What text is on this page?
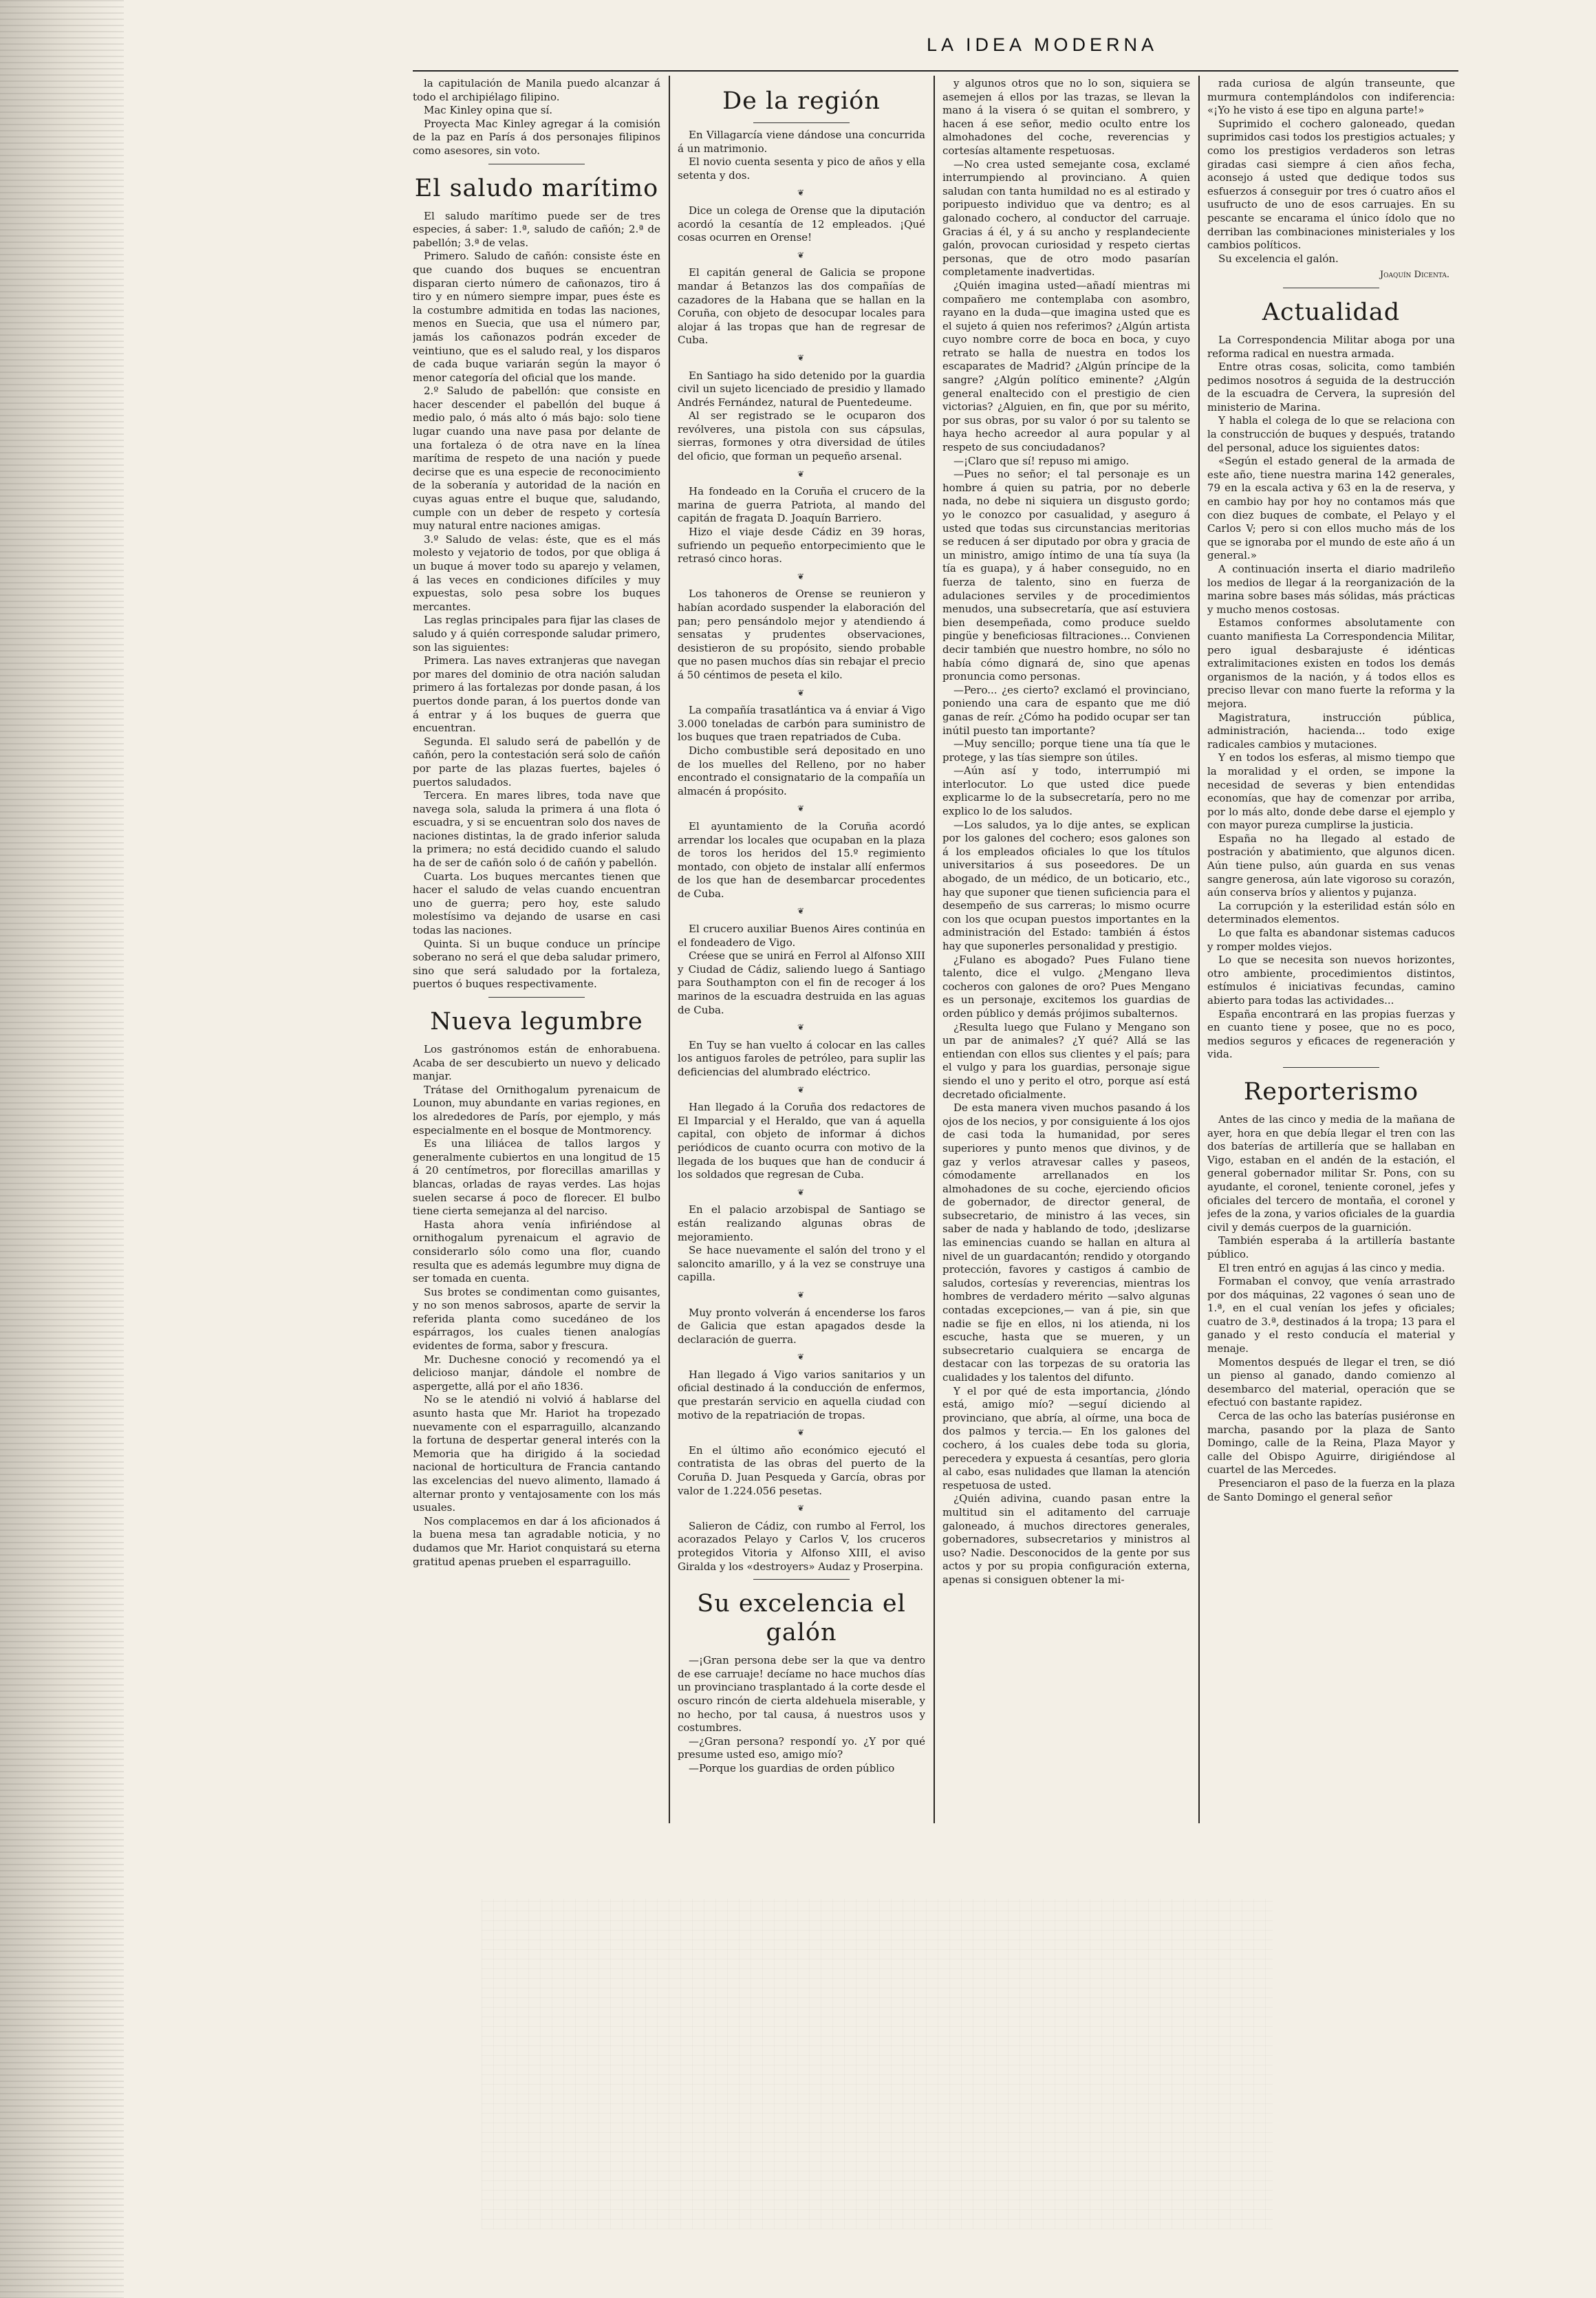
LA IDEA MODERNA

la capitulación de Manila puedo alcanzar á todo el archipiélago filipino.

Mac Kinley opina que sí.

Proyecta Mac Kinley agregar á la comisión de la paz en París á dos personajes filipinos como asesores, sin voto.

El saludo marítimo

El saludo marítimo puede ser de tres especies, á saber: 1.ª, saludo de cañón; 2.ª de pabellón; 3.ª de velas.

Primero. Saludo de cañón: consiste éste en que cuando dos buques se encuentran disparan cierto número de cañonazos, tiro á tiro y en número siempre impar, pues éste es la costumbre admitida en todas las naciones, menos en Suecia, que usa el número par, jamás los cañonazos podrán exceder de veintiuno, que es el saludo real, y los disparos de cada buque variarán según la mayor ó menor categoría del oficial que los mande.

2.º Saludo de pabellón: que consiste en hacer descender el pabellón del buque á medio palo, ó más alto ó más bajo: solo tiene lugar cuando una nave pasa por delante de una fortaleza ó de otra nave en la línea marítima de respeto de una nación y puede decirse que es una especie de reconocimiento de la soberanía y autoridad de la nación en cuyas aguas entre el buque que, saludando, cumple con un deber de respeto y cortesía muy natural entre naciones amigas.

3.º Saludo de velas: éste, que es el más molesto y vejatorio de todos, por que obliga á un buque á mover todo su aparejo y velamen, á las veces en condiciones difíciles y muy expuestas, solo pesa sobre los buques mercantes.

Las reglas principales para fijar las clases de saludo y á quién corresponde saludar primero, son las siguientes:

Primera. Las naves extranjeras que navegan por mares del dominio de otra nación saludan primero á las fortalezas por donde pasan, á los puertos donde paran, á los puertos donde van á entrar y á los buques de guerra que encuentran.

Segunda. El saludo será de pabellón y de cañón, pero la contestación será solo de cañón por parte de las plazas fuertes, bajeles ó puertos saludados.

Tercera. En mares libres, toda nave que navega sola, saluda la primera á una flota ó escuadra, y si se encuentran solo dos naves de naciones distintas, la de grado inferior saluda la primera; no está decidido cuando el saludo ha de ser de cañón solo ó de cañón y pabellón.

Cuarta. Los buques mercantes tienen que hacer el saludo de velas cuando encuentran uno de guerra; pero hoy, este saludo molestísimo va dejando de usarse en casi todas las naciones.

Quinta. Si un buque conduce un príncipe soberano no será el que deba saludar primero, sino que será saludado por la fortaleza, puertos ó buques respectivamente.

Nueva legumbre

Los gastrónomos están de enhorabuena. Acaba de ser descubierto un nuevo y delicado manjar.

Trátase del Ornithogalum pyrenaicum de Lounon, muy abundante en varias regiones, en los alrededores de París, por ejemplo, y más especialmente en el bosque de Montmorency.

Es una liliácea de tallos largos y generalmente cubiertos en una longitud de 15 á 20 centímetros, por florecillas amarillas y blancas, orladas de rayas verdes. Las hojas suelen secarse á poco de florecer. El bulbo tiene cierta semejanza al del narciso.

Hasta ahora venía infiriéndose al ornithogalum pyrenaicum el agravio de considerarlo sólo como una flor, cuando resulta que es además legumbre muy digna de ser tomada en cuenta.

Sus brotes se condimentan como guisantes, y no son menos sabrosos, aparte de servir la referida planta como sucedáneo de los espárragos, los cuales tienen analogías evidentes de forma, sabor y frescura.

Mr. Duchesne conoció y recomendó ya el delicioso manjar, dándole el nombre de aspergette, allá por el año 1836.

No se le atendió ni volvió á hablarse del asunto hasta que Mr. Hariot ha tropezado nuevamente con el esparraguillo, alcanzando la fortuna de despertar general interés con la Memoria que ha dirigido á la sociedad nacional de horticultura de Francia cantando las excelencias del nuevo alimento, llamado á alternar pronto y ventajosamente con los más usuales.

Nos complacemos en dar á los aficionados á la buena mesa tan agradable noticia, y no dudamos que Mr. Hariot conquistará su eterna gratitud apenas prueben el esparraguillo.

De la región

En Villagarcía viene dándose una concurrida á un matrimonio.

El novio cuenta sesenta y pico de años y ella setenta y dos.

❦

Dice un colega de Orense que la diputación acordó la cesantía de 12 empleados. ¡Qué cosas ocurren en Orense!

❦

El capitán general de Galicia se propone mandar á Betanzos las dos compañías de cazadores de la Habana que se hallan en la Coruña, con objeto de desocupar locales para alojar á las tropas que han de regresar de Cuba.

❦

En Santiago ha sido detenido por la guardia civil un sujeto licenciado de presidio y llamado Andrés Fernández, natural de Puentedeume.

Al ser registrado se le ocuparon dos revólveres, una pistola con sus cápsulas, sierras, formones y otra diversidad de útiles del oficio, que forman un pequeño arsenal.

❦

Ha fondeado en la Coruña el crucero de la marina de guerra Patriota, al mando del capitán de fragata D. Joaquín Barriero.

Hizo el viaje desde Cádiz en 39 horas, sufriendo un pequeño entorpecimiento que le retrasó cinco horas.

❦

Los tahoneros de Orense se reunieron y habían acordado suspender la elaboración del pan; pero pensándolo mejor y atendiendo á sensatas y prudentes observaciones, desistieron de su propósito, siendo probable que no pasen muchos días sin rebajar el precio á 50 céntimos de peseta el kilo.

❦

La compañía trasatlántica va á enviar á Vigo 3.000 toneladas de carbón para suministro de los buques que traen repatriados de Cuba.

Dicho combustible será depositado en uno de los muelles del Relleno, por no haber encontrado el consignatario de la compañía un almacén á propósito.

❦

El ayuntamiento de la Coruña acordó arrendar los locales que ocupaban en la plaza de toros los heridos del 15.º regimiento montado, con objeto de instalar allí enfermos de los que han de desembarcar procedentes de Cuba.

❦

El crucero auxiliar Buenos Aires continúa en el fondeadero de Vigo.

Créese que se unirá en Ferrol al Alfonso XIII y Ciudad de Cádiz, saliendo luego á Santiago para Southampton con el fin de recoger á los marinos de la escuadra destruida en las aguas de Cuba.

❦

En Tuy se han vuelto á colocar en las calles los antiguos faroles de petróleo, para suplir las deficiencias del alumbrado eléctrico.

❦

Han llegado á la Coruña dos redactores de El Imparcial y el Heraldo, que van á aquella capital, con objeto de informar á dichos periódicos de cuanto ocurra con motivo de la llegada de los buques que han de conducir á los soldados que regresan de Cuba.

❦

En el palacio arzobispal de Santiago se están realizando algunas obras de mejoramiento.

Se hace nuevamente el salón del trono y el saloncito amarillo, y á la vez se construye una capilla.

❦

Muy pronto volverán á encenderse los faros de Galicia que estan apagados desde la declaración de guerra.

❦

Han llegado á Vigo varios sanitarios y un oficial destinado á la conducción de enfermos, que prestarán servicio en aquella ciudad con motivo de la repatriación de tropas.

❦

En el último año económico ejecutó el contratista de las obras del puerto de la Coruña D. Juan Pesqueda y García, obras por valor de 1.224.056 pesetas.

❦

Salieron de Cádiz, con rumbo al Ferrol, los acorazados Pelayo y Carlos V, los cruceros protegidos Vitoria y Alfonso XIII, el aviso Giralda y los «destroyers» Audaz y Proserpina.

Su excelencia el galón

—¡Gran persona debe ser la que va dentro de ese carruaje! decíame no hace muchos días un provinciano trasplantado á la corte desde el oscuro rincón de cierta aldehuela miserable, y no hecho, por tal causa, á nuestros usos y costumbres.

—¿Gran persona? respondí yo. ¿Y por qué presume usted eso, amigo mío?

—Porque los guardias de orden público

y algunos otros que no lo son, siquiera se asemejen á ellos por las trazas, se llevan la mano á la visera ó se quitan el sombrero, y hacen á ese señor, medio oculto entre los almohadones del coche, reverencias y cortesías altamente respetuosas.

—No crea usted semejante cosa, exclamé interrumpiendo al provinciano. A quien saludan con tanta humildad no es al estirado y poripuesto individuo que va dentro; es al galonado cochero, al conductor del carruaje. Gracias á él, y á su ancho y resplandeciente galón, provocan curiosidad y respeto ciertas personas, que de otro modo pasarían completamente inadvertidas.

¿Quién imagina usted—añadí mientras mi compañero me contemplaba con asombro, rayano en la duda—que imagina usted que es el sujeto á quien nos referimos? ¿Algún artista cuyo nombre corre de boca en boca, y cuyo retrato se halla de nuestra en todos los escaparates de Madrid? ¿Algún príncipe de la sangre? ¿Algún político eminente? ¿Algún general enaltecido con el prestigio de cien victorias? ¿Alguien, en fin, que por su mérito, por sus obras, por su valor ó por su talento se haya hecho acreedor al aura popular y al respeto de sus conciudadanos?

—¡Claro que sí! repuso mi amigo.

—Pues no señor; el tal personaje es un hombre á quien su patria, por no deberle nada, no debe ni siquiera un disgusto gordo; yo le conozco por casualidad, y aseguro á usted que todas sus circunstancias meritorias se reducen á ser diputado por obra y gracia de un ministro, amigo íntimo de una tía suya (la tía es guapa), y á haber conseguido, no en fuerza de talento, sino en fuerza de adulaciones serviles y de procedimientos menudos, una subsecretaría, que así estuviera bien desempeñada, como produce sueldo pingüe y beneficiosas filtraciones... Convienen decir también que nuestro hombre, no sólo no había cómo dignará de, sino que apenas pronuncia como personas.

—Pero... ¿es cierto? exclamó el provinciano, poniendo una cara de espanto que me dió ganas de reír. ¿Cómo ha podido ocupar ser tan inútil puesto tan importante?

—Muy sencillo; porque tiene una tía que le protege, y las tías siempre son útiles.

—Aún así y todo, interrumpió mi interlocutor. Lo que usted dice puede explicarme lo de la subsecretaría, pero no me explico lo de los saludos.

—Los saludos, ya lo dije antes, se explican por los galones del cochero; esos galones son á los empleados oficiales lo que los títulos universitarios á sus poseedores. De un abogado, de un médico, de un boticario, etc., hay que suponer que tienen suficiencia para el desempeño de sus carreras; lo mismo ocurre con los que ocupan puestos importantes en la administración del Estado: también á éstos hay que suponerles personalidad y prestigio.

¿Fulano es abogado? Pues Fulano tiene talento, dice el vulgo. ¿Mengano lleva cocheros con galones de oro? Pues Mengano es un personaje, excitemos los guardias de orden público y demás prójimos subalternos.

¿Resulta luego que Fulano y Mengano son un par de animales? ¿Y qué? Allá se las entiendan con ellos sus clientes y el país; para el vulgo y para los guardias, personaje sigue siendo el uno y perito el otro, porque así está decretado oficialmente.

De esta manera viven muchos pasando á los ojos de los necios, y por consiguiente á los ojos de casi toda la humanidad, por seres superiores y punto menos que divinos, y de gaz y verlos atravesar calles y paseos, cómodamente arrellanados en los almohadones de su coche, ejerciendo oficios de gobernador, de director general, de subsecretario, de ministro á las veces, sin saber de nada y hablando de todo, ¡deslizarse las eminencias cuando se hallan en altura al nivel de un guardacantón; rendido y otorgando protección, favores y castigos á cambio de saludos, cortesías y reverencias, mientras los hombres de verdadero mérito —salvo algunas contadas excepciones,— van á pie, sin que nadie se fije en ellos, ni los atienda, ni los escuche, hasta que se mueren, y un subsecretario cualquiera se encarga de destacar con las torpezas de su oratoria las cualidades y los talentos del difunto.

Y el por qué de esta importancia, ¿lóndo está, amigo mío? —seguí diciendo al provinciano, que abría, al oírme, una boca de dos palmos y tercia.— En los galones del cochero, á los cuales debe toda su gloria, perecedera y expuesta á cesantías, pero gloria al cabo, esas nulidades que llaman la atención respetuosa de usted.

¿Quién adivina, cuando pasan entre la multitud sin el aditamento del carruaje galoneado, á muchos directores generales, gobernadores, subsecretarios y ministros al uso? Nadie. Desconocidos de la gente por sus actos y por su propia configuración externa, apenas si consiguen obtener la mi-

rada curiosa de algún transeunte, que murmura contemplándolos con indiferencia: «¡Yo he visto á ese tipo en alguna parte!»

Suprimido el cochero galoneado, quedan suprimidos casi todos los prestigios actuales; y como los prestigios verdaderos son letras giradas casi siempre á cien años fecha, aconsejo á usted que dedique todos sus esfuerzos á conseguir por tres ó cuatro años el usufructo de uno de esos carruajes. En su pescante se encarama el único ídolo que no derriban las combinaciones ministeriales y los cambios políticos.

Su excelencia el galón.

Joaquín Dicenta.
Actualidad

La Correspondencia Militar aboga por una reforma radical en nuestra armada.

Entre otras cosas, solicita, como también pedimos nosotros á seguida de la destrucción de la escuadra de Cervera, la supresión del ministerio de Marina.

Y habla el colega de lo que se relaciona con la construcción de buques y después, tratando del personal, aduce los siguientes datos:

«Según el estado general de la armada de este año, tiene nuestra marina 142 generales, 79 en la escala activa y 63 en la de reserva, y en cambio hay por hoy no contamos más que con diez buques de combate, el Pelayo y el Carlos V; pero si con ellos mucho más de los que se ignoraba por el mundo de este año á un general.»

A continuación inserta el diario madrileño los medios de llegar á la reorganización de la marina sobre bases más sólidas, más prácticas y mucho menos costosas.

Estamos conformes absolutamente con cuanto manifiesta La Correspondencia Militar, pero igual desbarajuste é idénticas extralimitaciones existen en todos los demás organismos de la nación, y á todos ellos es preciso llevar con mano fuerte la reforma y la mejora.

Magistratura, instrucción pública, administración, hacienda... todo exige radicales cambios y mutaciones.

Y en todos los esferas, al mismo tiempo que la moralidad y el orden, se impone la necesidad de severas y bien entendidas economías, que hay de comenzar por arriba, por lo más alto, donde debe darse el ejemplo y con mayor pureza cumplirse la justicia.

España no ha llegado al estado de postración y abatimiento, que algunos dicen. Aún tiene pulso, aún guarda en sus venas sangre generosa, aún late vigoroso su corazón, aún conserva bríos y alientos y pujanza.

La corrupción y la esterilidad están sólo en determinados elementos.

Lo que falta es abandonar sistemas caducos y romper moldes viejos.

Lo que se necesita son nuevos horizontes, otro ambiente, procedimientos distintos, estímulos é iniciativas fecundas, camino abierto para todas las actividades...

España encontrará en las propias fuerzas y en cuanto tiene y posee, que no es poco, medios seguros y eficaces de regeneración y vida.

Reporterismo

Antes de las cinco y media de la mañana de ayer, hora en que debía llegar el tren con las dos baterías de artillería que se hallaban en Vigo, estaban en el andén de la estación, el general gobernador militar Sr. Pons, con su ayudante, el coronel, teniente coronel, jefes y oficiales del tercero de montaña, el coronel y jefes de la zona, y varios oficiales de la guardia civil y demás cuerpos de la guarnición.

También esperaba á la artillería bastante público.

El tren entró en agujas á las cinco y media.

Formaban el convoy, que venía arrastrado por dos máquinas, 22 vagones ó sean uno de 1.ª, en el cual venían los jefes y oficiales; cuatro de 3.ª, destinados á la tropa; 13 para el ganado y el resto conducía el material y menaje.

Momentos después de llegar el tren, se dió un pienso al ganado, dando comienzo al desembarco del material, operación que se efectuó con bastante rapidez.

Cerca de las ocho las baterías pusiéronse en marcha, pasando por la plaza de Santo Domingo, calle de la Reina, Plaza Mayor y calle del Obispo Aguirre, dirigiéndose al cuartel de las Mercedes.

Presenciaron el paso de la fuerza en la plaza de Santo Domingo el general señor
